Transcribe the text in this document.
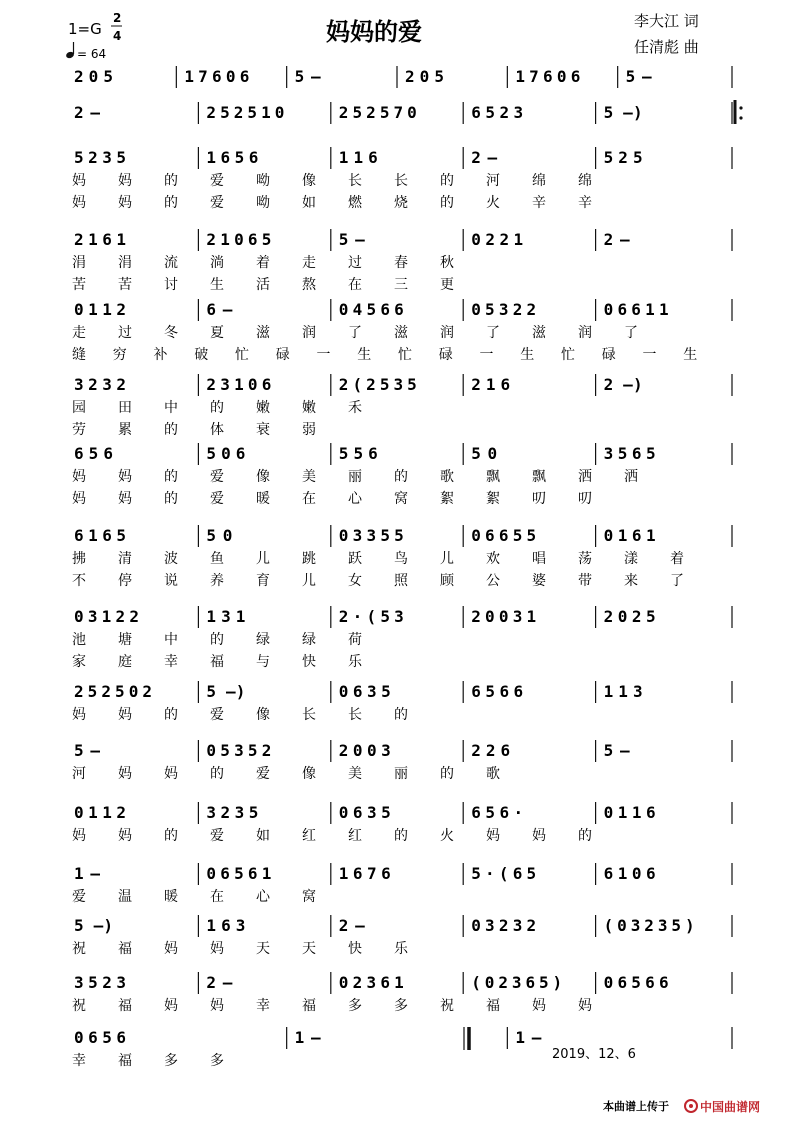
1=G
2
4
= 64
妈妈的爱	李大江 词
任清彪 曲
2 0 5	1 7 6 0 6	5 –	2 0 5	1 7 6 0 6	5 –
2 –	2 5 2 5 1 0	2 5 2 5 7 0	6 5 2 3	5 –)
5 2 3 5	1 6 5 6	1 1 6	2 –	5 2 5
妈 妈 的 爱 呦 像 长 长 的 河 绵 绵
妈 妈 的 爱 呦 如 燃 烧 的 火 辛 辛
2 1 6 1	2 1 0 6 5	5 –	0 2 2 1	2 –
涓 涓 流 淌 着 走 过 春 秋
苦 苦 讨 生 活 熬 在 三 更
0 1 1 2	6 –	0 4 5 6 6	0 5 3 2 2	0 6 6 1 1
走 过 冬 夏 滋 润 了 滋 润 了 滋 润 了
缝 穷 补 破 忙 碌 一 生 忙 碌 一 生 忙 碌 一 生
3 2 3 2	2 3 1 0 6	2 ( 2 5 3 5	2 1 6	2 –)
园 田 中 的 嫩 嫩 禾
劳 累 的 体 衰 弱
6 5 6	5 0 6	5 5 6	5 0	3 5 6 5
妈 妈 的 爱 像 美 丽 的 歌 飘 飘 洒 洒
妈 妈 的 爱 暖 在 心 窝 絮 絮 叨 叨
6 1 6 5	5 0	0 3 3 5 5	0 6 6 5 5	0 1 6 1
拂 清 波 鱼 儿 跳 跃 鸟 儿 欢 唱 荡 漾 着
不 停 说 养 育 儿 女 照 顾 公 婆 带 来 了
0 3 1 2 2	1 3 1	2 · ( 5 3	2 0 0 3 1	2 0 2 5
池 塘 中 的 绿 绿 荷
家 庭 幸 福 与 快 乐
2 5 2 5 0 2	5 –)	0 6 3 5	6 5 6 6	1 1 3
妈 妈 的 爱 像 长 长 的
5 –	0 5 3 5 2	2 0 0 3	2 2 6	5 –
河 妈 妈 的 爱 像 美 丽 的 歌
0 1 1 2	3 2 3 5	0 6 3 5	6 5 6 ·	0 1 1 6
妈 妈 的 爱 如 红 红 的 火 妈 妈 的
1 –	0 6 5 6 1	1 6 7 6	5 · ( 6 5	6 1 0 6
爱 温 暖 在 心 窝
5 –)	1 6 3	2 –	0 3 2 3 2	( 0 3 2 3 5 )
祝 福 妈 妈 天 天 快 乐
3 5 2 3	2 –	0 2 3 6 1	( 0 2 3 6 5 )	0 6 5 6 6
祝 福 妈 妈 幸 福 多 多 祝 福 妈 妈
0 6 5 6	1 –	1 –
幸 福 多 多	2019、12、6
本曲谱上传于	中国曲谱网
